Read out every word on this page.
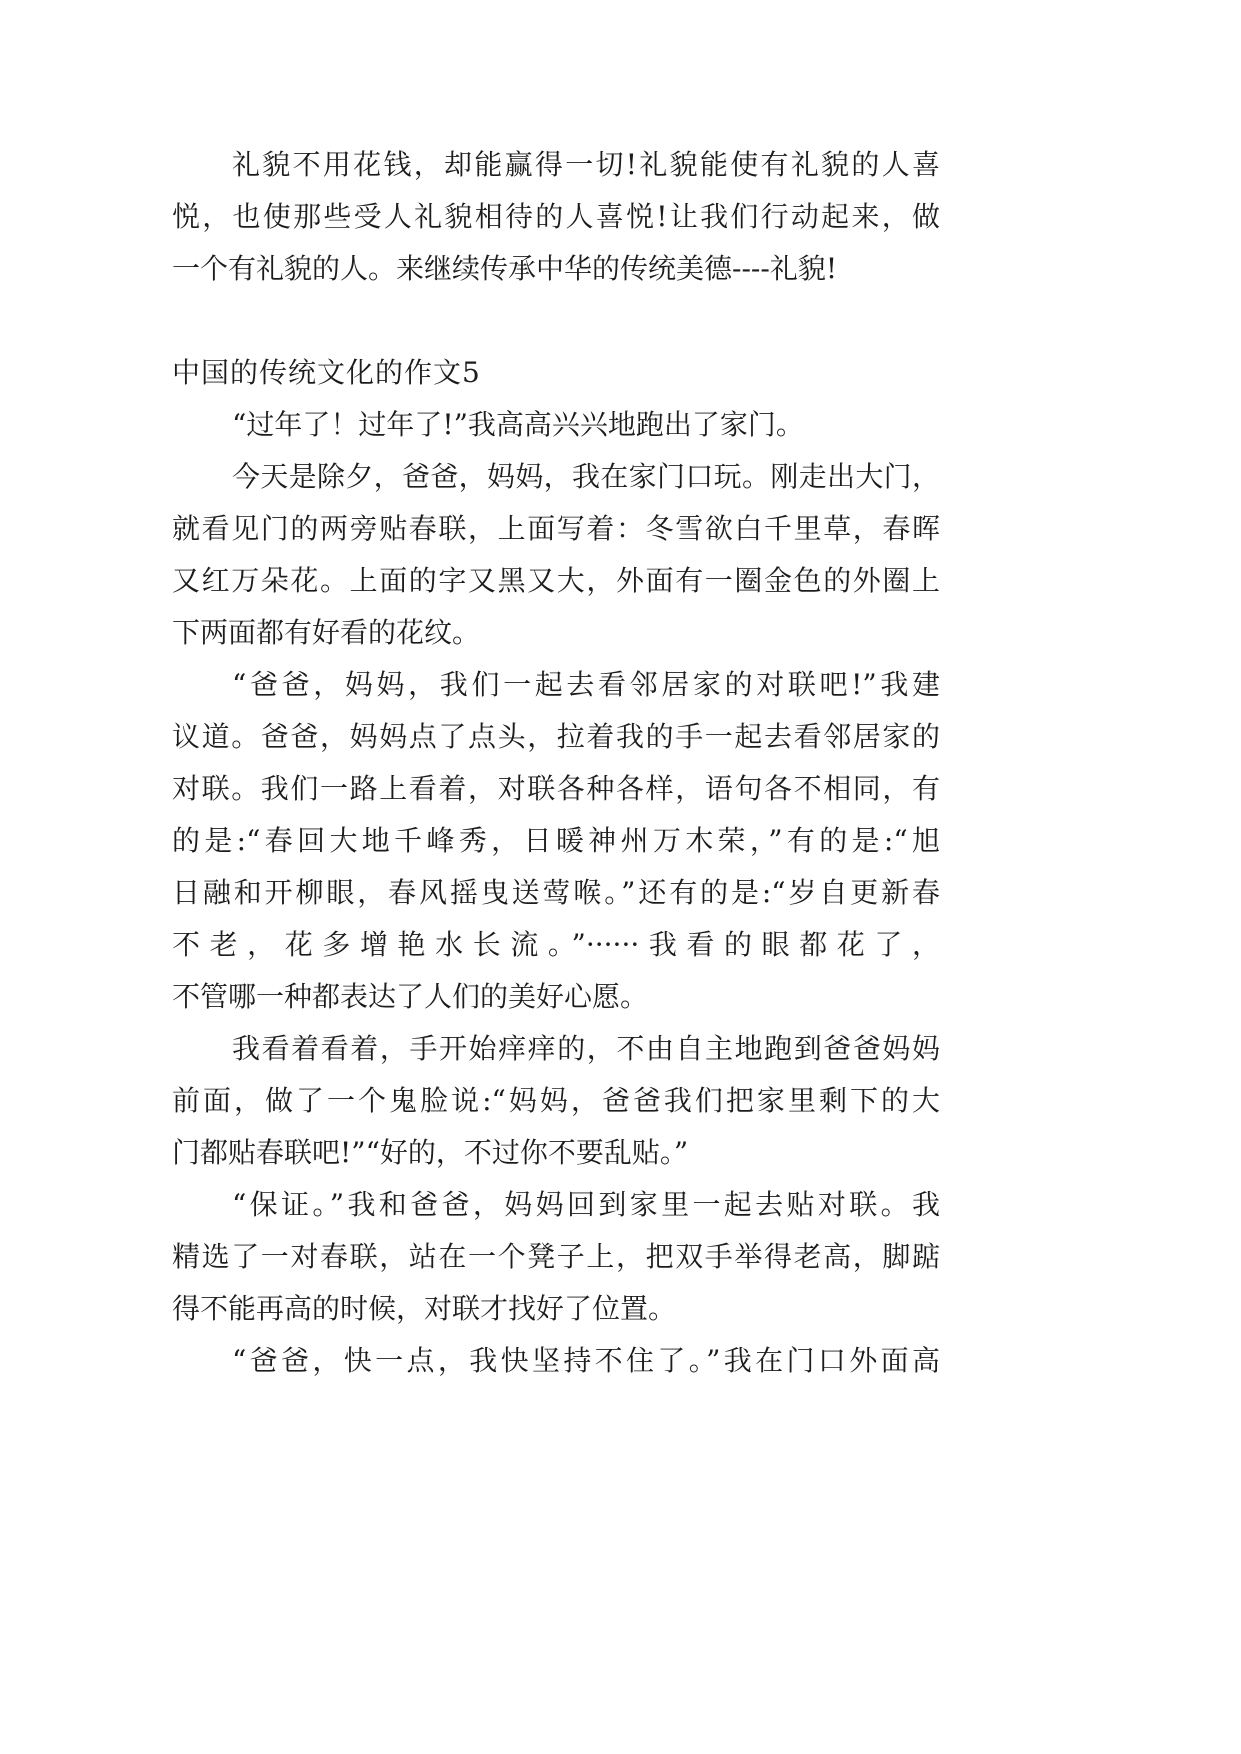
礼貌不用花钱，却能赢得一切!礼貌能使有礼貌的人喜
悦，也使那些受人礼貌相待的人喜悦!让我们行动起来，做
一个有礼貌的人。来继续传承中华的传统美德----礼貌!
中国的传统文化的作文5
“过年了！过年了!”我高高兴兴地跑出了家门。
今天是除夕，爸爸，妈妈，我在家门口玩。刚走出大门，
就看见门的两旁贴春联，上面写着：冬雪欲白千里草，春晖
又红万朵花。上面的字又黑又大，外面有一圈金色的外圈上
下两面都有好看的花纹。
“爸爸，妈妈，我们一起去看邻居家的对联吧!”我建
议道。爸爸，妈妈点了点头，拉着我的手一起去看邻居家的
对联。我们一路上看着，对联各种各样，语句各不相同，有
的是:“春回大地千峰秀，日暖神州万木荣，”有的是:“旭
日融和开柳眼，春风摇曳送莺喉。”还有的是:“岁自更新春
不老，花多增艳水长流。”······我看的眼都花了，
不管哪一种都表达了人们的美好心愿。
我看着看着，手开始痒痒的，不由自主地跑到爸爸妈妈
前面，做了一个鬼脸说:“妈妈，爸爸我们把家里剩下的大
门都贴春联吧!”“好的，不过你不要乱贴。”
“保证。”我和爸爸，妈妈回到家里一起去贴对联。我
精选了一对春联，站在一个凳子上，把双手举得老高，脚踮
得不能再高的时候，对联才找好了位置。
“爸爸，快一点，我快坚持不住了。”我在门口外面高
